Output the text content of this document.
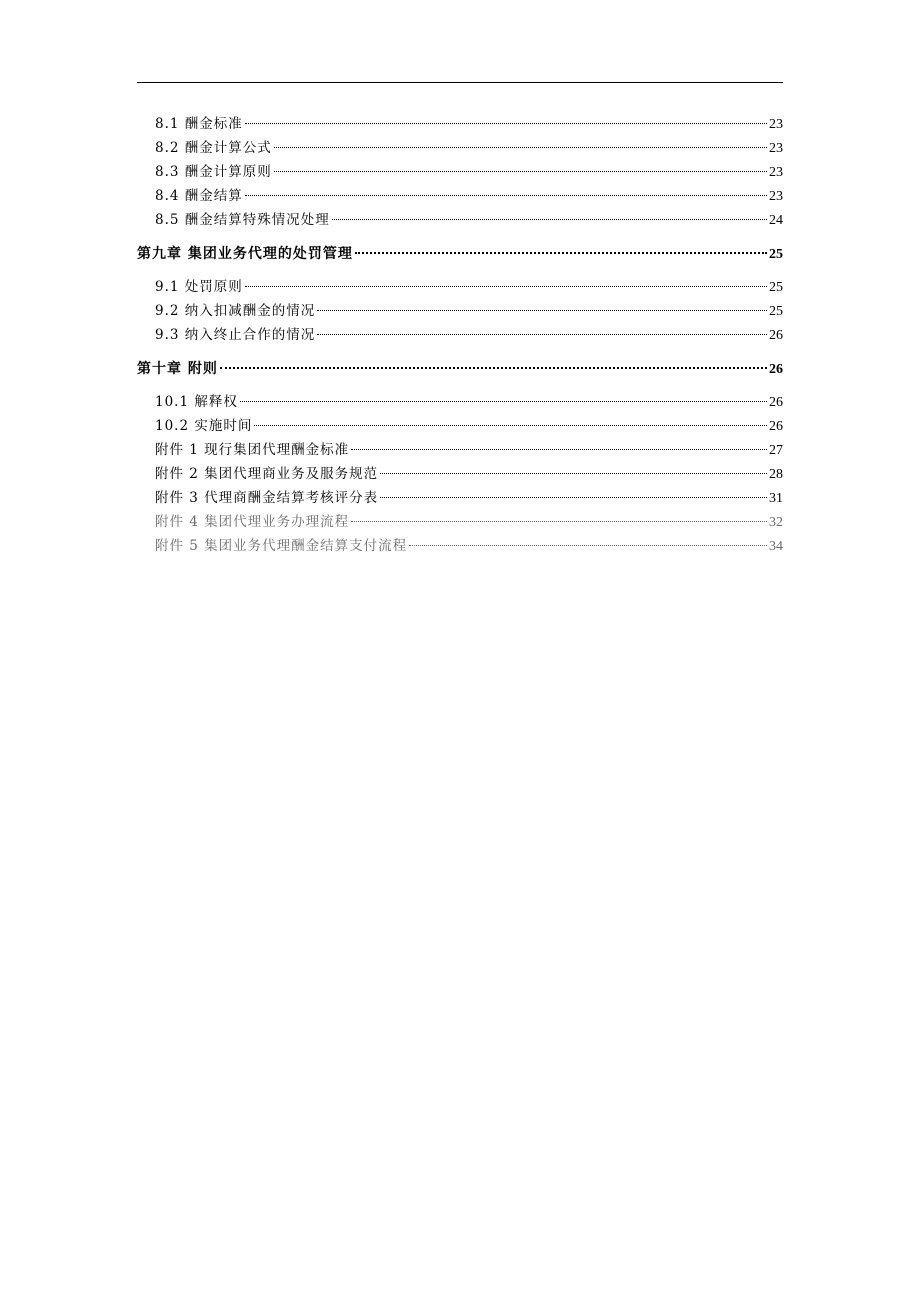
8.1 酬金标准	23
8.2 酬金计算公式	23
8.3 酬金计算原则	23
8.4 酬金结算	23
8.5 酬金结算特殊情况处理	24
第九章 集团业务代理的处罚管理	25
9.1 处罚原则	25
9.2 纳入扣减酬金的情况	25
9.3 纳入终止合作的情况	26
第十章 附则	26
10.1 解释权	26
10.2 实施时间	26
附件 1 现行集团代理酬金标准	27
附件 2 集团代理商业务及服务规范	28
附件 3 代理商酬金结算考核评分表	31
附件 4 集团代理业务办理流程	32
附件 5 集团业务代理酬金结算支付流程	34
